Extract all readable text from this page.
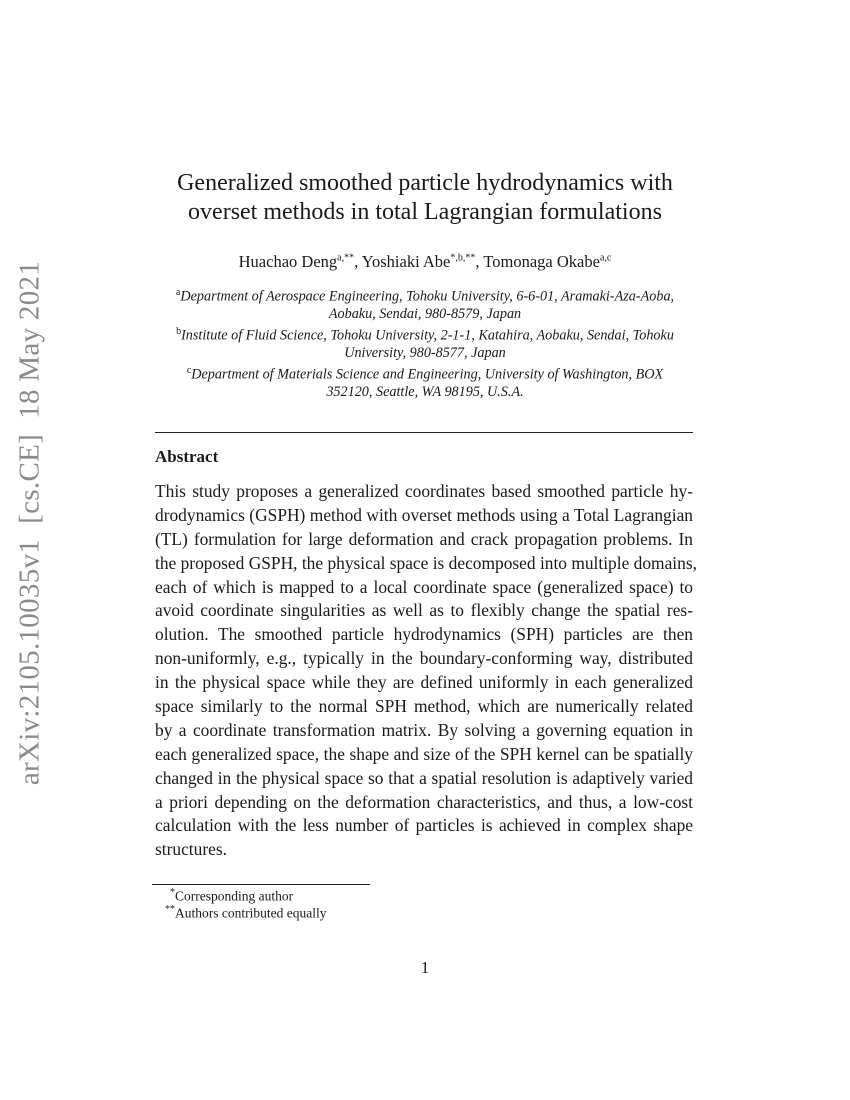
arXiv:2105.10035v1  [cs.CE]  18 May 2021
Generalized smoothed particle hydrodynamics with
overset methods in total Lagrangian formulations
Huachao Deng$^{a,**}$, Yoshiaki Abe$^{*,b,**}$, Tomonaga Okabe$^{a,c}$
$^a$Department of Aerospace Engineering, Tohoku University, 6-6-01, Aramaki-Aza-Aoba,
Aobaku, Sendai, 980-8579, Japan
$^b$Institute of Fluid Science, Tohoku University, 2-1-1, Katahira, Aobaku, Sendai, Tohoku
University, 980-8577, Japan
$^c$Department of Materials Science and Engineering, University of Washington, BOX
352120, Seattle, WA 98195, U.S.A.
Abstract
This study proposes a generalized coordinates based smoothed particle hy-
drodynamics (GSPH) method with overset methods using a Total Lagrangian
(TL) formulation for large deformation and crack propagation problems. In
the proposed GSPH, the physical space is decomposed into multiple domains,
each of which is mapped to a local coordinate space (generalized space) to
avoid coordinate singularities as well as to flexibly change the spatial res-
olution. The smoothed particle hydrodynamics (SPH) particles are then
non-uniformly, e.g., typically in the boundary-conforming way, distributed
in the physical space while they are defined uniformly in each generalized
space similarly to the normal SPH method, which are numerically related
by a coordinate transformation matrix. By solving a governing equation in
each generalized space, the shape and size of the SPH kernel can be spatially
changed in the physical space so that a spatial resolution is adaptively varied
a priori depending on the deformation characteristics, and thus, a low-cost
calculation with the less number of particles is achieved in complex shape
structures.
*Corresponding author
**Authors contributed equally
1
